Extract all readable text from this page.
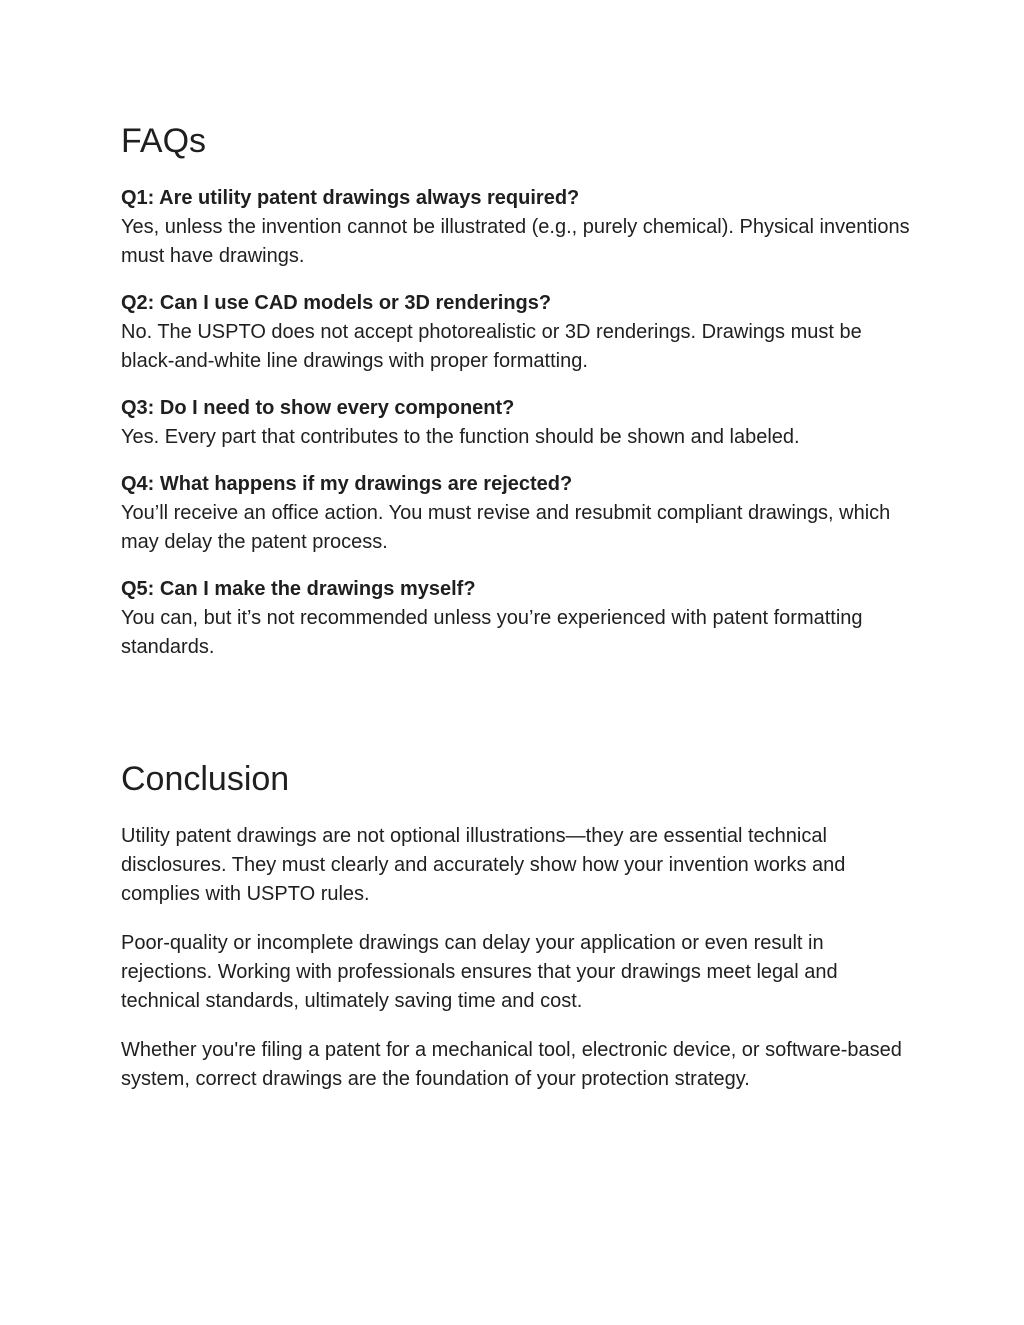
FAQs
Q1: Are utility patent drawings always required?
Yes, unless the invention cannot be illustrated (e.g., purely chemical). Physical inventions must have drawings.
Q2: Can I use CAD models or 3D renderings?
No. The USPTO does not accept photorealistic or 3D renderings. Drawings must be black-and-white line drawings with proper formatting.
Q3: Do I need to show every component?
Yes. Every part that contributes to the function should be shown and labeled.
Q4: What happens if my drawings are rejected?
You’ll receive an office action. You must revise and resubmit compliant drawings, which may delay the patent process.
Q5: Can I make the drawings myself?
You can, but it’s not recommended unless you’re experienced with patent formatting standards.
Conclusion

Utility patent drawings are not optional illustrations—they are essential technical disclosures. They must clearly and accurately show how your invention works and complies with USPTO rules.

Poor-quality or incomplete drawings can delay your application or even result in rejections. Working with professionals ensures that your drawings meet legal and technical standards, ultimately saving time and cost.

Whether you're filing a patent for a mechanical tool, electronic device, or software-based system, correct drawings are the foundation of your protection strategy.
